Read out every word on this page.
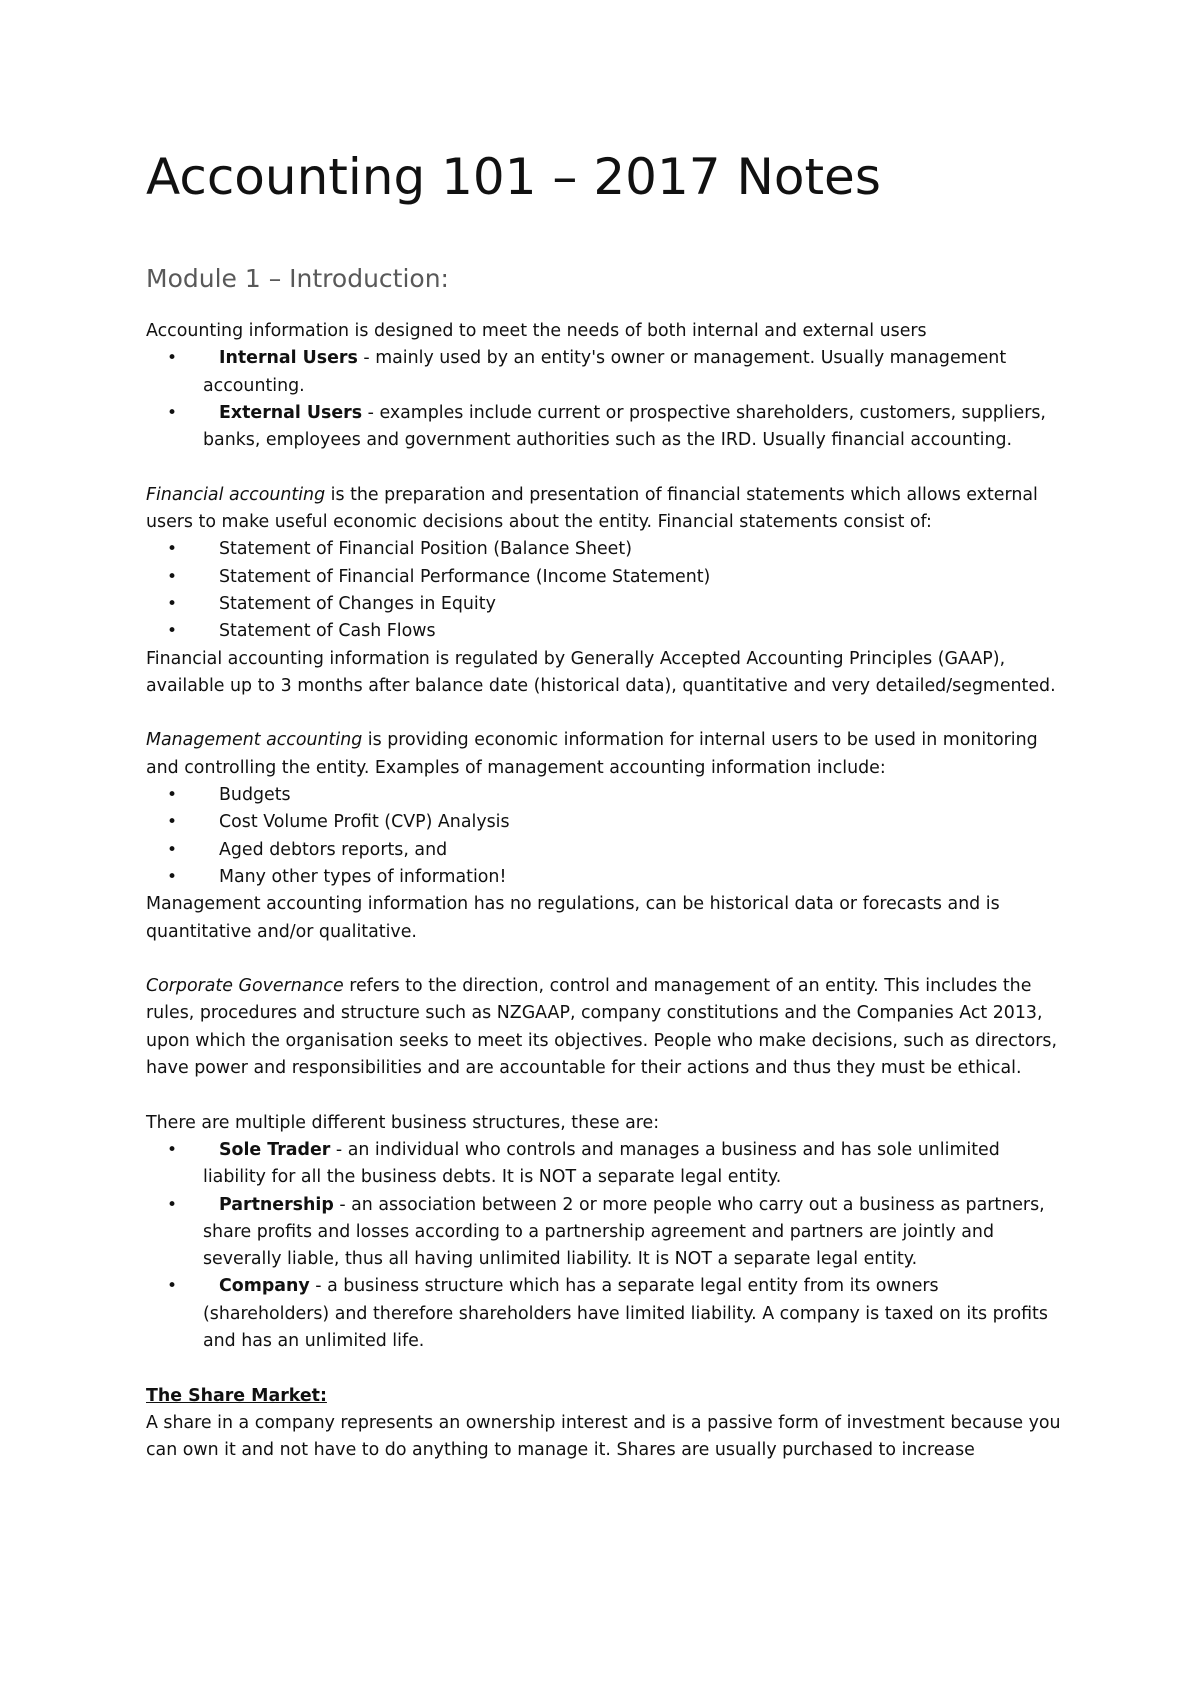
Accounting 101 – 2017 Notes
Module 1 – Introduction:

Accounting information is designed to meet the needs of both internal and external users

• Internal Users - mainly used by an entity's owner or management. Usually management accounting.
• External Users - examples include current or prospective shareholders, customers, suppliers, banks, employees and government authorities such as the IRD. Usually financial accounting.

Financial accounting is the preparation and presentation of financial statements which allows external users to make useful economic decisions about the entity. Financial statements consist of:

• Statement of Financial Position (Balance Sheet)
• Statement of Financial Performance (Income Statement)
• Statement of Changes in Equity
• Statement of Cash Flows

Financial accounting information is regulated by Generally Accepted Accounting Principles (GAAP), available up to 3 months after balance date (historical data), quantitative and very detailed/segmented.

Management accounting is providing economic information for internal users to be used in monitoring and controlling the entity. Examples of management accounting information include:

• Budgets
• Cost Volume Profit (CVP) Analysis
• Aged debtors reports, and
• Many other types of information!

Management accounting information has no regulations, can be historical data or forecasts and is quantitative and/or qualitative.

Corporate Governance refers to the direction, control and management of an entity. This includes the rules, procedures and structure such as NZGAAP, company constitutions and the Companies Act 2013, upon which the organisation seeks to meet its objectives. People who make decisions, such as directors, have power and responsibilities and are accountable for their actions and thus they must be ethical.

There are multiple different business structures, these are:

• Sole Trader - an individual who controls and manages a business and has sole unlimited liability for all the business debts. It is NOT a separate legal entity.
• Partnership - an association between 2 or more people who carry out a business as partners, share profits and losses according to a partnership agreement and partners are jointly and severally liable, thus all having unlimited liability. It is NOT a separate legal entity.
• Company - a business structure which has a separate legal entity from its owners (shareholders) and therefore shareholders have limited liability. A company is taxed on its profits and has an unlimited life.

The Share Market:

A share in a company represents an ownership interest and is a passive form of investment because you can own it and not have to do anything to manage it. Shares are usually purchased to increase
